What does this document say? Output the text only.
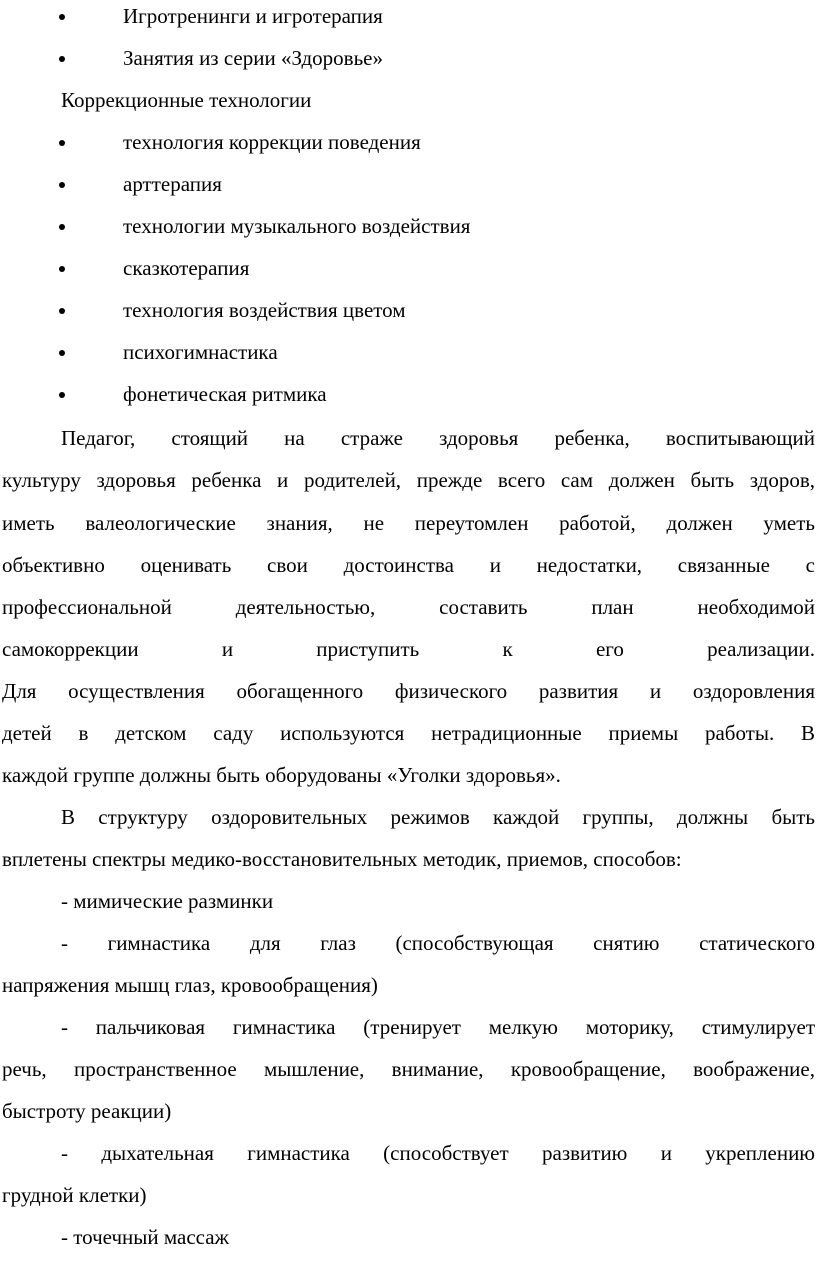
Игротренинги и игротерапия
Занятия из серии «Здоровье»
Коррекционные технологии
технология коррекции поведения
арттерапия
технологии музыкального воздействия
сказкотерапия
технология воздействия цветом
психогимнастика
фонетическая ритмика
Педагог, стоящий на страже здоровья ребенка, воспитывающий
культуру здоровья ребенка и родителей, прежде всего сам должен быть здоров,
иметь валеологические знания, не переутомлен работой, должен уметь
объективно оценивать свои достоинства и недостатки, связанные с
профессиональной деятельностью, составить план необходимой
самокоррекции и приступить к его реализации.
Для осуществления обогащенного физического развития и оздоровления
детей в детском саду используются нетрадиционные приемы работы. В
каждой группе должны быть оборудованы «Уголки здоровья».
В структуру оздоровительных режимов каждой группы, должны быть
вплетены спектры медико-восстановительных методик, приемов, способов:
- мимические разминки
- гимнастика для глаз (способствующая снятию статического
напряжения мышц глаз, кровообращения)
- пальчиковая гимнастика (тренирует мелкую моторику, стимулирует
речь, пространственное мышление, внимание, кровообращение, воображение,
быстроту реакции)
- дыхательная гимнастика (способствует развитию и укреплению
грудной клетки)
- точечный массаж
